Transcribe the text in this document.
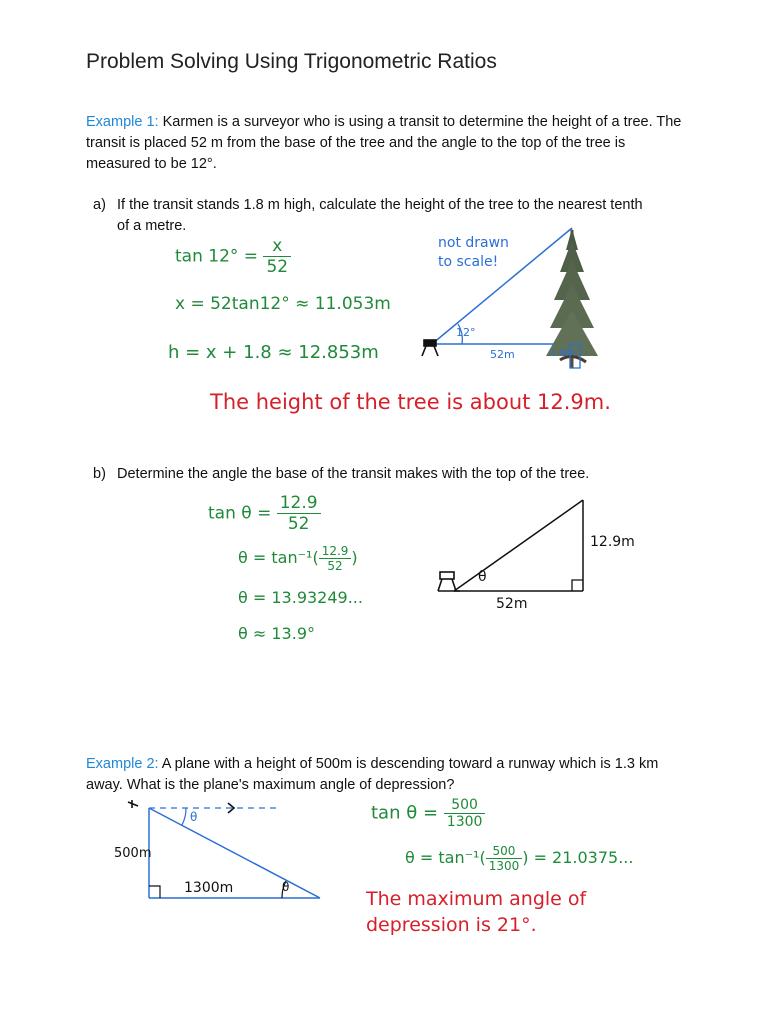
Problem Solving Using Trigonometric Ratios
Example 1: Karmen is a surveyor who is using a transit to determine the height of a tree. The transit is placed 52 m from the base of the tree and the angle to the top of the tree is measured to be 12°.
a) If the transit stands 1.8 m high, calculate the height of the tree to the nearest tenth of a metre.
$\tan 12^\circ = \frac{x}{52}$
x = 52tan12° ≈ 11.053m
h = x + 1.8 ≈ 12.853m
The height of the tree is about 12.9m.
not drawn
to scale!
12°
52m	1.8m
b) Determine the angle the base of the transit makes with the top of the tree.
$\tan \theta = \frac{12.9}{52}$
$\theta = \tan^{-1}( \frac{12.9}{52}$ )
θ = 13.93249...
θ ≈ 13.9°
θ
52m
12.9m
Example 2: A plane with a height of 500m is descending toward a runway which is 1.3 km away. What is the plane's maximum angle of depression?
$\tan \theta = \frac{500}{1300}$
$\theta = \tan^{-1}( \frac{500}{1300}$ ) = 21.0375...
The maximum angle of
depression is 21°.
500m
1300m
θ
θ
